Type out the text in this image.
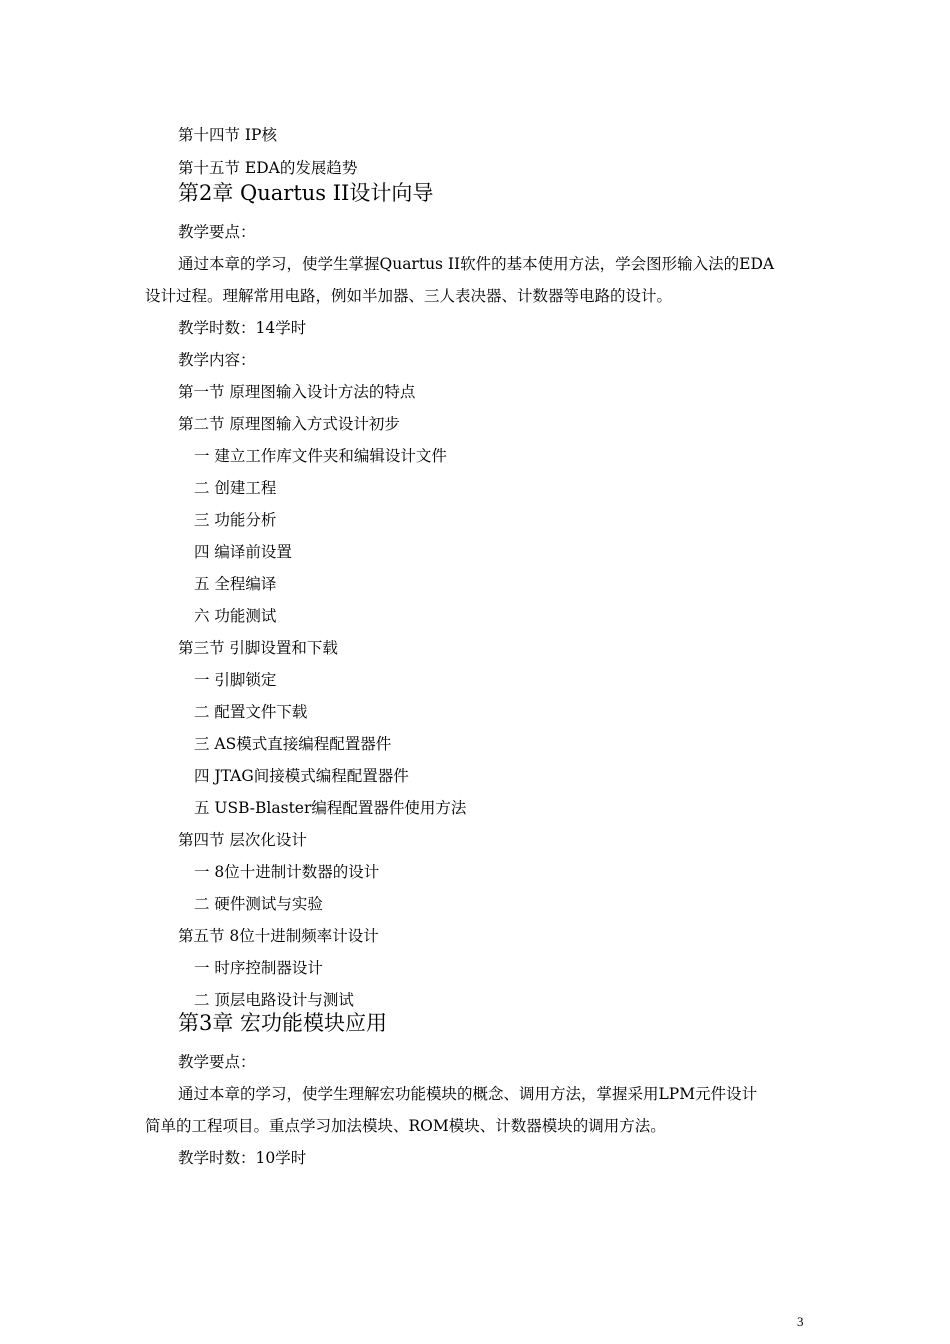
第十四节 IP核
第十五节 EDA的发展趋势
第2章 Quartus II设计向导
教学要点：
通过本章的学习，使学生掌握Quartus II软件的基本使用方法，学会图形输入法的EDA
设计过程。理解常用电路，例如半加器、三人表决器、计数器等电路的设计。
教学时数：14学时
教学内容：
第一节 原理图输入设计方法的特点
第二节 原理图输入方式设计初步
一 建立工作库文件夹和编辑设计文件
二 创建工程
三 功能分析
四 编译前设置
五 全程编译
六 功能测试
第三节 引脚设置和下载
一 引脚锁定
二 配置文件下载
三 AS模式直接编程配置器件
四 JTAG间接模式编程配置器件
五 USB-Blaster编程配置器件使用方法
第四节 层次化设计
一 8位十进制计数器的设计
二 硬件测试与实验
第五节 8位十进制频率计设计
一 时序控制器设计
二 顶层电路设计与测试
第3章 宏功能模块应用
教学要点：
通过本章的学习，使学生理解宏功能模块的概念、调用方法，掌握采用LPM元件设计
简单的工程项目。重点学习加法模块、ROM模块、计数器模块的调用方法。
教学时数：10学时
3
